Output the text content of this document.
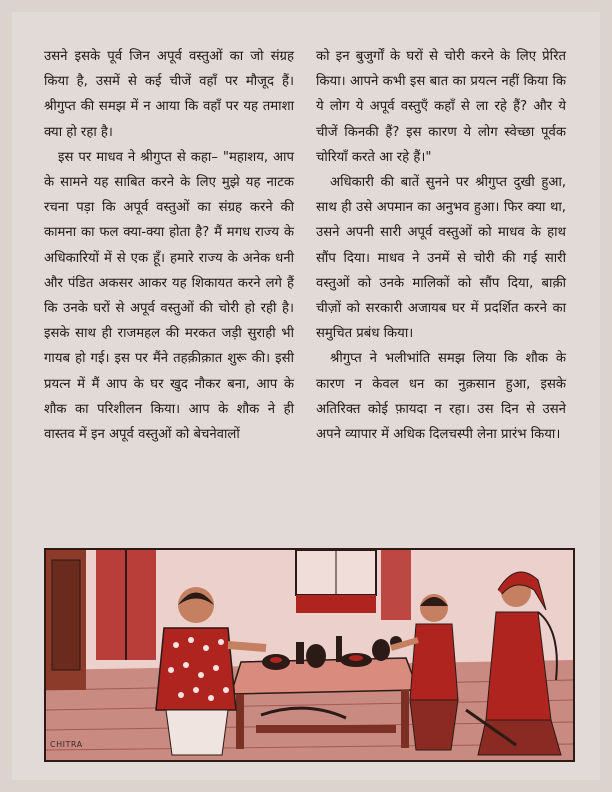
उसने इसके पूर्व जिन अपूर्व वस्तुओं का जो संग्रह किया है, उसमें से कई चीजें वहाँ पर मौजूद हैं। श्रीगुप्त की समझ में न आया कि वहाँ पर यह तमाशा क्या हो रहा है।

इस पर माधव ने श्रीगुप्त से कहा– "महाशय, आप के सामने यह साबित करने के लिए मुझे यह नाटक रचना पड़ा कि अपूर्व वस्तुओं का संग्रह करने की कामना का फल क्या-क्या होता है? मैं मगध राज्य के अधिकारियों में से एक हूँ। हमारे राज्य के अनेक धनी और पंडित अकसर आकर यह शिकायत करने लगे हैं कि उनके घरों से अपूर्व वस्तुओं की चोरी हो रही है। इसके साथ ही राजमहल की मरकत जड़ी सुराही भी गायब हो गई। इस पर मैंने तहक़ीक़ात शुरू की। इसी प्रयत्न में मैं आप के घर खुद नौकर बना, आप के शौक का परिशीलन किया। आप के शौक ने ही वास्तव में इन अपूर्व वस्तुओं को बेचनेवालों

को इन बुजुर्गों के घरों से चोरी करने के लिए प्रेरित किया। आपने कभी इस बात का प्रयत्न नहीं किया कि ये लोग ये अपूर्व वस्तुएँ कहाँ से ला रहे हैं? और ये चीजें किनकी हैं? इस कारण ये लोग स्वेच्छा पूर्वक चोरियाँ करते आ रहे हैं।"

अधिकारी की बातें सुनने पर श्रीगुप्त दुखी हुआ, साथ ही उसे अपमान का अनुभव हुआ। फिर क्या था, उसने अपनी सारी अपूर्व वस्तुओं को माधव के हाथ सौंप दिया। माधव ने उनमें से चोरी की गई सारी वस्तुओं को उनके मालिकों को सौंप दिया, बाक़ी चीज़ों को सरकारी अजायब घर में प्रदर्शित करने का समुचित प्रबंध किया।

श्रीगुप्त ने भलीभांति समझ लिया कि शौक के कारण न केवल धन का नुक़सान हुआ, इसके अतिरिक्त कोई फ़ायदा न रहा। उस दिन से उसने अपने व्यापार में अधिक दिलचस्पी लेना प्रारंभ किया।

CHITRA
